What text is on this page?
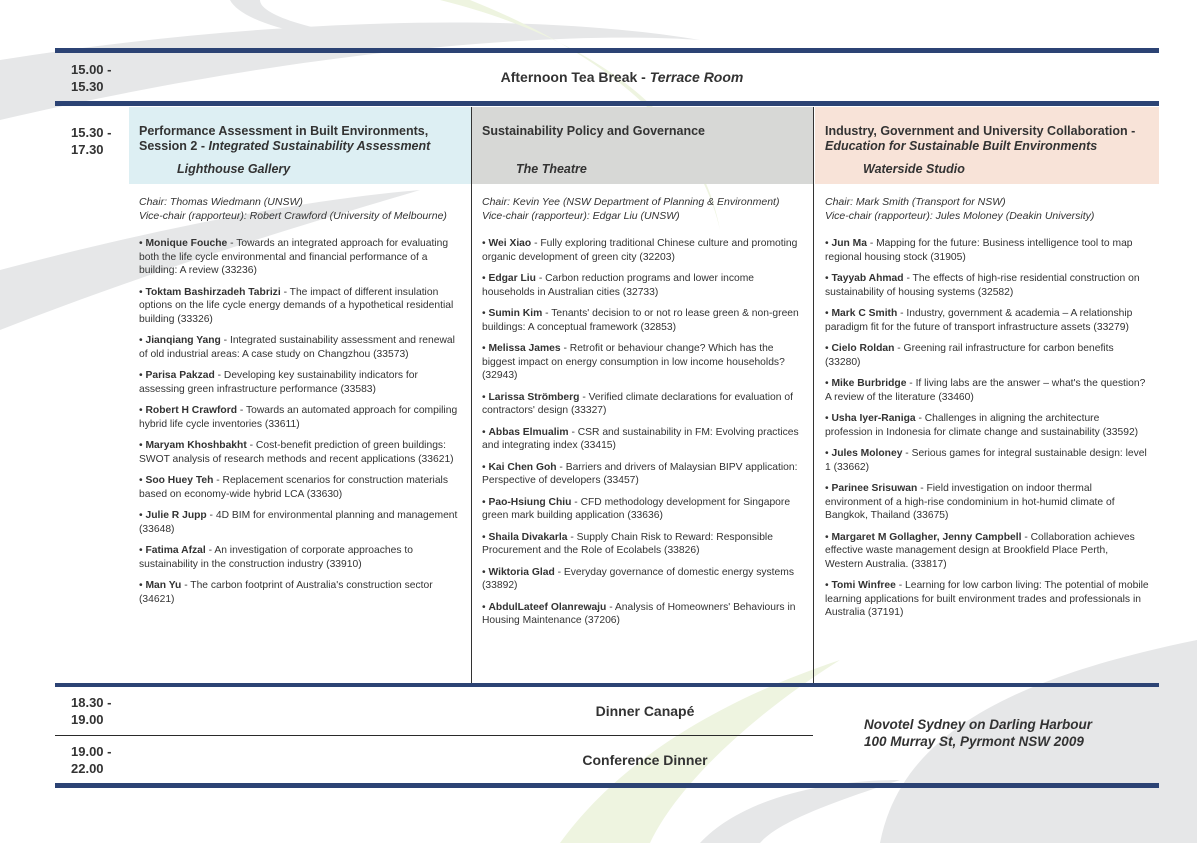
15.00 - 15.30
Afternoon Tea Break - Terrace Room
15.30 - 17.30
Performance Assessment in Built Environments, Session 2 - Integrated Sustainability Assessment
Lighthouse Gallery
Chair: Thomas Wiedmann (UNSW)
Vice-chair (rapporteur): Robert Crawford (University of Melbourne)
• Monique Fouche - Towards an integrated approach for evaluating both the life cycle environmental and financial performance of a building: A review (33236)
• Toktam Bashirzadeh Tabrizi - The impact of different insulation options on the life cycle energy demands of a hypothetical residential building (33326)
• Jianqiang Yang - Integrated sustainability assessment and renewal of old industrial areas: A case study on Changzhou (33573)
• Parisa Pakzad - Developing key sustainability indicators for assessing green infrastructure performance (33583)
• Robert H Crawford - Towards an automated approach for compiling hybrid life cycle inventories (33611)
• Maryam Khoshbakht - Cost-benefit prediction of green buildings: SWOT analysis of research methods and recent applications (33621)
• Soo Huey Teh - Replacement scenarios for construction materials based on economy-wide hybrid LCA (33630)
• Julie R Jupp - 4D BIM for environmental planning and management (33648)
• Fatima Afzal - An investigation of corporate approaches to sustainability in the construction industry (33910)
• Man Yu - The carbon footprint of Australia's construction sector (34621)
Sustainability Policy and Governance
The Theatre
Chair: Kevin Yee (NSW Department of Planning & Environment)
Vice-chair (rapporteur): Edgar Liu (UNSW)
• Wei Xiao - Fully exploring traditional Chinese culture and promoting organic development of green city (32203)
• Edgar Liu - Carbon reduction programs and lower income households in Australian cities (32733)
• Sumin Kim - Tenants' decision to or not ro lease green & non-green buildings: A conceptual framework (32853)
• Melissa James - Retrofit or behaviour change? Which has the biggest impact on energy consumption in low income households? (32943)
• Larissa Strömberg - Verified climate declarations for evaluation of contractors' design (33327)
• Abbas Elmualim - CSR and sustainability in FM: Evolving practices and integrating index (33415)
• Kai Chen Goh - Barriers and drivers of Malaysian BIPV application: Perspective of developers (33457)
• Pao-Hsiung Chiu - CFD methodology development for Singapore green mark building application (33636)
• Shaila Divakarla - Supply Chain Risk to Reward: Responsible Procurement and the Role of Ecolabels (33826)
• Wiktoria Glad - Everyday governance of domestic energy systems (33892)
• AbdulLateef Olanrewaju - Analysis of Homeowners' Behaviours in Housing Maintenance (37206)
Industry, Government and University Collaboration - Education for Sustainable Built Environments
Waterside Studio
Chair: Mark Smith (Transport for NSW)
Vice-chair (rapporteur): Jules Moloney (Deakin University)
• Jun Ma - Mapping for the future: Business intelligence tool to map regional housing stock (31905)
• Tayyab Ahmad - The effects of high-rise residential construction on sustainability of housing systems (32582)
• Mark C Smith - Industry, government & academia – A relationship paradigm fit for the future of transport infrastructure assets (33279)
• Cielo Roldan - Greening rail infrastructure for carbon benefits (33280)
• Mike Burbridge - If living labs are the answer – what's the question? A review of the literature (33460)
• Usha Iyer-Raniga - Challenges in aligning the architecture profession in Indonesia for climate change and sustainability (33592)
• Jules Moloney - Serious games for integral sustainable design: level 1 (33662)
• Parinee Srisuwan - Field investigation on indoor thermal environment of a high-rise condominium in hot-humid climate of Bangkok, Thailand (33675)
• Margaret M Gollagher, Jenny Campbell - Collaboration achieves effective waste management design at Brookfield Place Perth, Western Australia. (33817)
• Tomi Winfree - Learning for low carbon living: The potential of mobile learning applications for built environment trades and professionals in Australia (37191)
18.30 - 19.00
Dinner Canapé
19.00 - 22.00
Conference Dinner
Novotel Sydney on Darling Harbour
100 Murray St, Pyrmont NSW 2009
